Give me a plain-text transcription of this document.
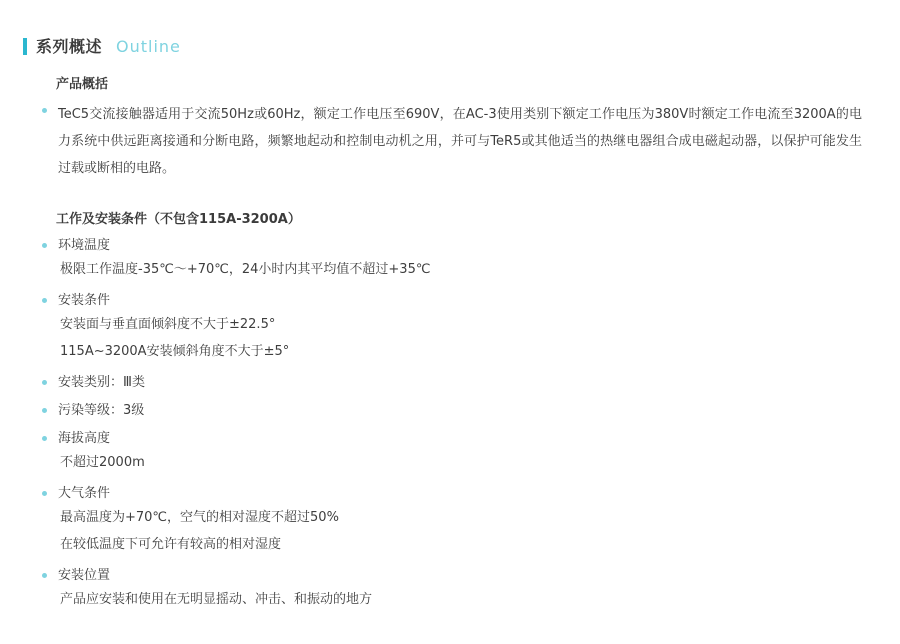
系列概述 Outline
产品概括
TeC5交流接触器适用于交流50Hz或60Hz，额定工作电压至690V，在AC-3使用类别下额定工作电压为380V时额定工作电流至3200A的电力系统中供远距离接通和分断电路，频繁地起动和控制电动机之用，并可与TeR5或其他适当的热继电器组合成电磁起动器，以保护可能发生过载或断相的电路。
工作及安装条件（不包含115A-3200A）
环境温度
极限工作温度-35℃～+70℃，24小时内其平均值不超过+35℃
安装条件
安装面与垂直面倾斜度不大于±22.5°
115A~3200A安装倾斜角度不大于±5°
安装类别：Ⅲ类
污染等级：3级
海拔高度
不超过2000m
大气条件
最高温度为+70℃，空气的相对湿度不超过50%
在较低温度下可允许有较高的相对湿度
安装位置
产品应安装和使用在无明显摇动、冲击、和振动的地方
